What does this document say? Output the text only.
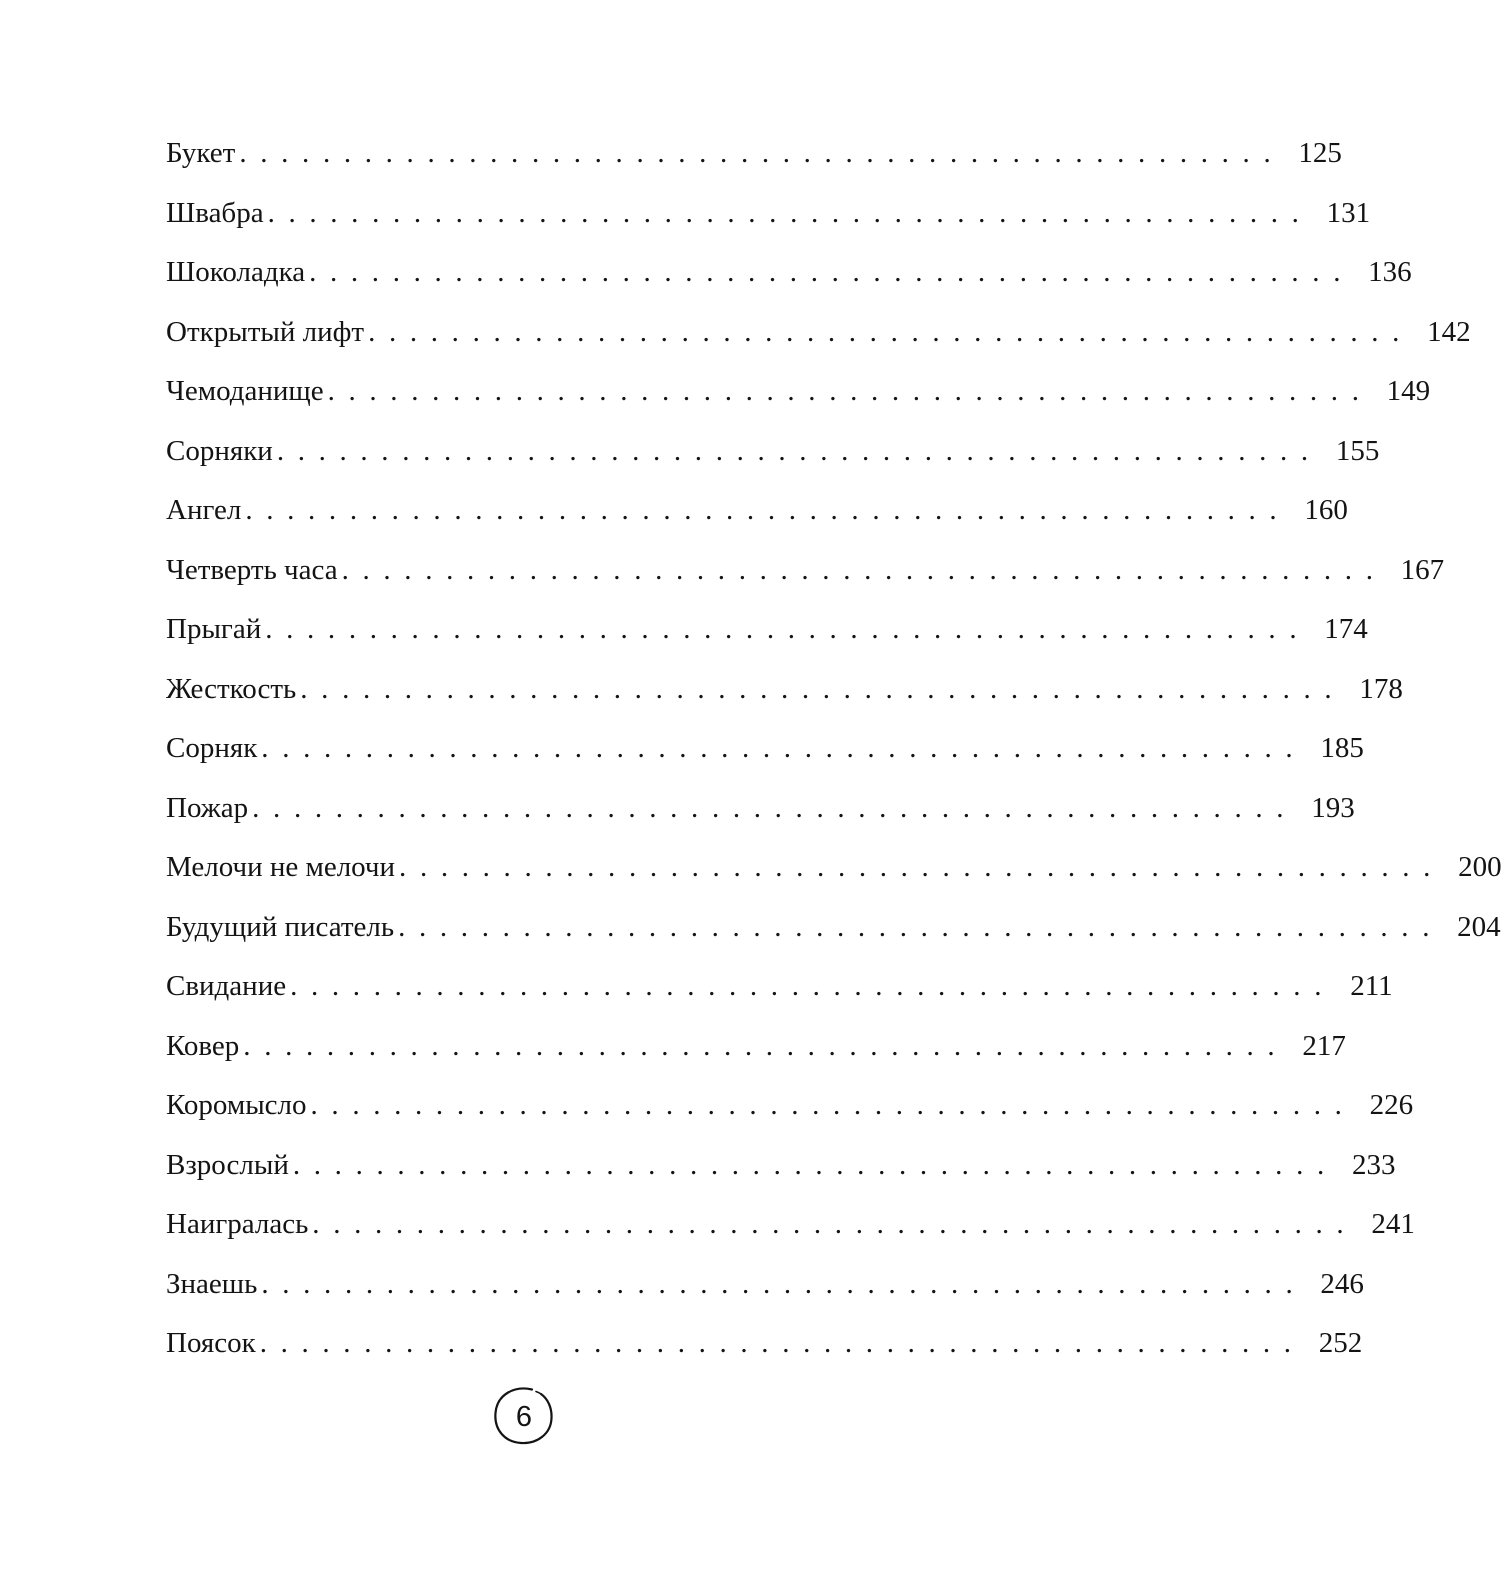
Букет . . . . . . . . . . . . . . . . . . . . . . . . . . . . . . . . . . . . . . . . . . . . . . . . . . 125
Швабра . . . . . . . . . . . . . . . . . . . . . . . . . . . . . . . . . . . . . . . . . . . . . . . . . . 131
Шоколадка . . . . . . . . . . . . . . . . . . . . . . . . . . . . . . . . . . . . . . . . . . . . . . . . . . 136
Открытый лифт . . . . . . . . . . . . . . . . . . . . . . . . . . . . . . . . . . . . . . . . . . . . . . . . . . 142
Чемоданище . . . . . . . . . . . . . . . . . . . . . . . . . . . . . . . . . . . . . . . . . . . . . . . . . . 149
Сорняки . . . . . . . . . . . . . . . . . . . . . . . . . . . . . . . . . . . . . . . . . . . . . . . . . . 155
Ангел . . . . . . . . . . . . . . . . . . . . . . . . . . . . . . . . . . . . . . . . . . . . . . . . . . 160
Четверть часа . . . . . . . . . . . . . . . . . . . . . . . . . . . . . . . . . . . . . . . . . . . . . . . . . . 167
Прыгай . . . . . . . . . . . . . . . . . . . . . . . . . . . . . . . . . . . . . . . . . . . . . . . . . . 174
Жесткость . . . . . . . . . . . . . . . . . . . . . . . . . . . . . . . . . . . . . . . . . . . . . . . . . . 178
Сорняк . . . . . . . . . . . . . . . . . . . . . . . . . . . . . . . . . . . . . . . . . . . . . . . . . . 185
Пожар . . . . . . . . . . . . . . . . . . . . . . . . . . . . . . . . . . . . . . . . . . . . . . . . . . 193
Мелочи не мелочи . . . . . . . . . . . . . . . . . . . . . . . . . . . . . . . . . . . . . . . . . . . . . . . . . . 200
Будущий писатель . . . . . . . . . . . . . . . . . . . . . . . . . . . . . . . . . . . . . . . . . . . . . . . . . . 204
Свидание . . . . . . . . . . . . . . . . . . . . . . . . . . . . . . . . . . . . . . . . . . . . . . . . . . 211
Ковер . . . . . . . . . . . . . . . . . . . . . . . . . . . . . . . . . . . . . . . . . . . . . . . . . . 217
Коромысло . . . . . . . . . . . . . . . . . . . . . . . . . . . . . . . . . . . . . . . . . . . . . . . . . . 226
Взрослый . . . . . . . . . . . . . . . . . . . . . . . . . . . . . . . . . . . . . . . . . . . . . . . . . . 233
Наигралась . . . . . . . . . . . . . . . . . . . . . . . . . . . . . . . . . . . . . . . . . . . . . . . . . . 241
Знаешь . . . . . . . . . . . . . . . . . . . . . . . . . . . . . . . . . . . . . . . . . . . . . . . . . . 246
Поясок . . . . . . . . . . . . . . . . . . . . . . . . . . . . . . . . . . . . . . . . . . . . . . . . . . 252
6
